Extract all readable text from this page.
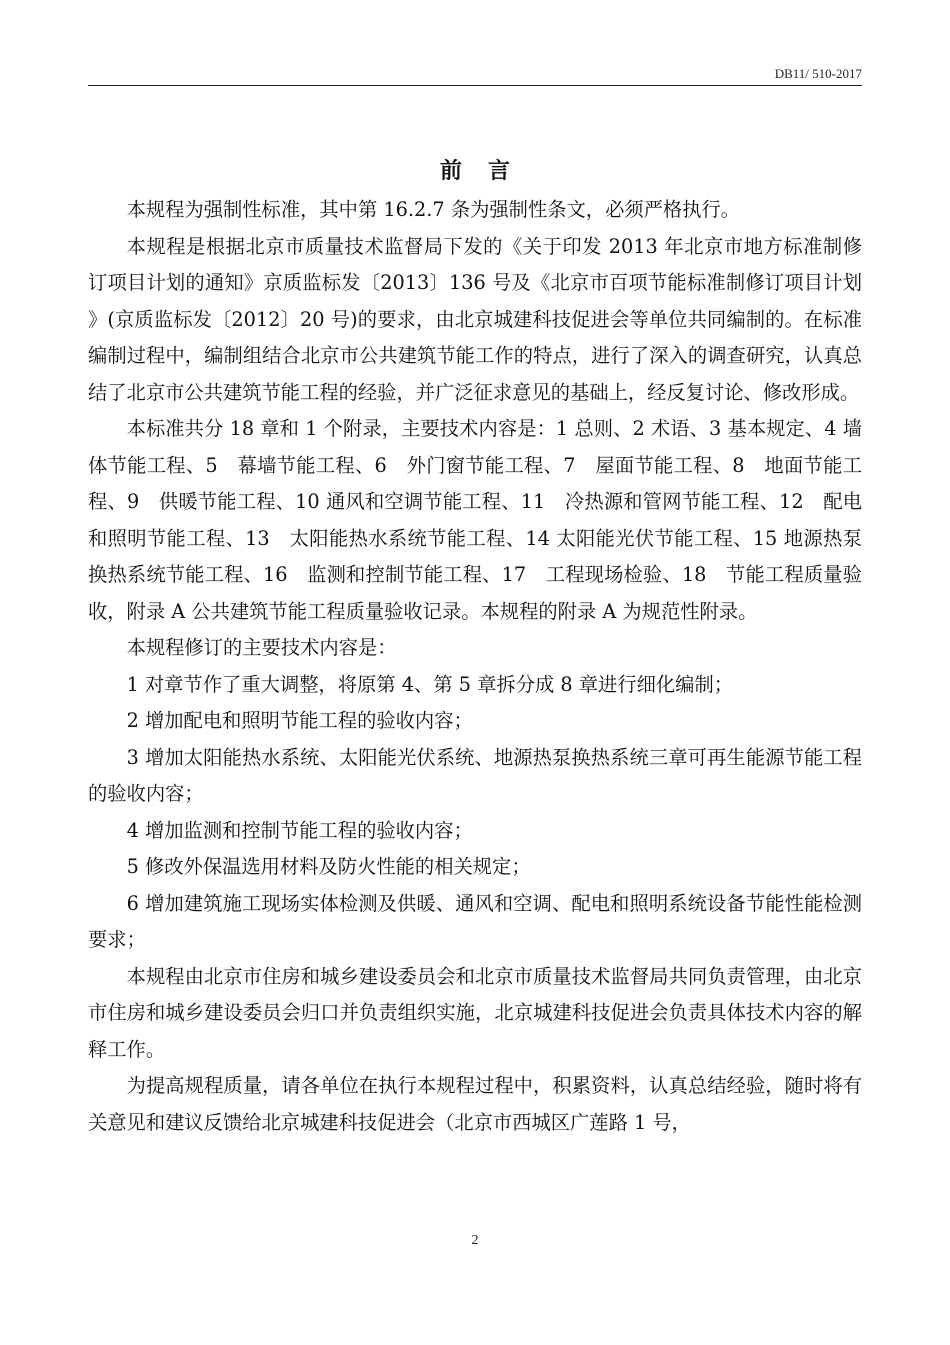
DB11/ 510-2017
前言

本规程为强制性标准，其中第 16.2.7 条为强制性条文，必须严格执行。

本规程是根据北京市质量技术监督局下发的《关于印发 2013 年北京市地方标准制修订项目计划的通知》京质监标发〔2013〕136 号及《北京市百项节能标准制修订项目计划 》(京质监标发〔2012〕20 号)的要求，由北京城建科技促进会等单位共同编制的。在标准编制过程中，编制组结合北京市公共建筑节能工作的特点，进行了深入的调查研究，认真总结了北京市公共建筑节能工程的经验，并广泛征求意见的基础上，经反复讨论、修改形成。

本标准共分 18 章和 1 个附录，主要技术内容是：1 总则、2 术语、3 基本规定、4 墙体节能工程、5　幕墙节能工程、6　外门窗节能工程、7　屋面节能工程、8　地面节能工程、9　供暖节能工程、10 通风和空调节能工程、11　冷热源和管网节能工程、12　配电和照明节能工程、13　太阳能热水系统节能工程、14 太阳能光伏节能工程、15 地源热泵换热系统节能工程、16　监测和控制节能工程、17　工程现场检验、18　节能工程质量验收，附录 A 公共建筑节能工程质量验收记录。本规程的附录 A 为规范性附录。

本规程修订的主要技术内容是：

1 对章节作了重大调整，将原第 4、第 5 章拆分成 8 章进行细化编制；

2 增加配电和照明节能工程的验收内容；

3 增加太阳能热水系统、太阳能光伏系统、地源热泵换热系统三章可再生能源节能工程的验收内容；

4 增加监测和控制节能工程的验收内容；

5 修改外保温选用材料及防火性能的相关规定；

6 增加建筑施工现场实体检测及供暖、通风和空调、配电和照明系统设备节能性能检测要求；

本规程由北京市住房和城乡建设委员会和北京市质量技术监督局共同负责管理，由北京市住房和城乡建设委员会归口并负责组织实施，北京城建科技促进会负责具体技术内容的解释工作。

为提高规程质量，请各单位在执行本规程过程中，积累资料，认真总结经验，随时将有关意见和建议反馈给北京城建科技促进会（北京市西城区广莲路 1 号，

2
